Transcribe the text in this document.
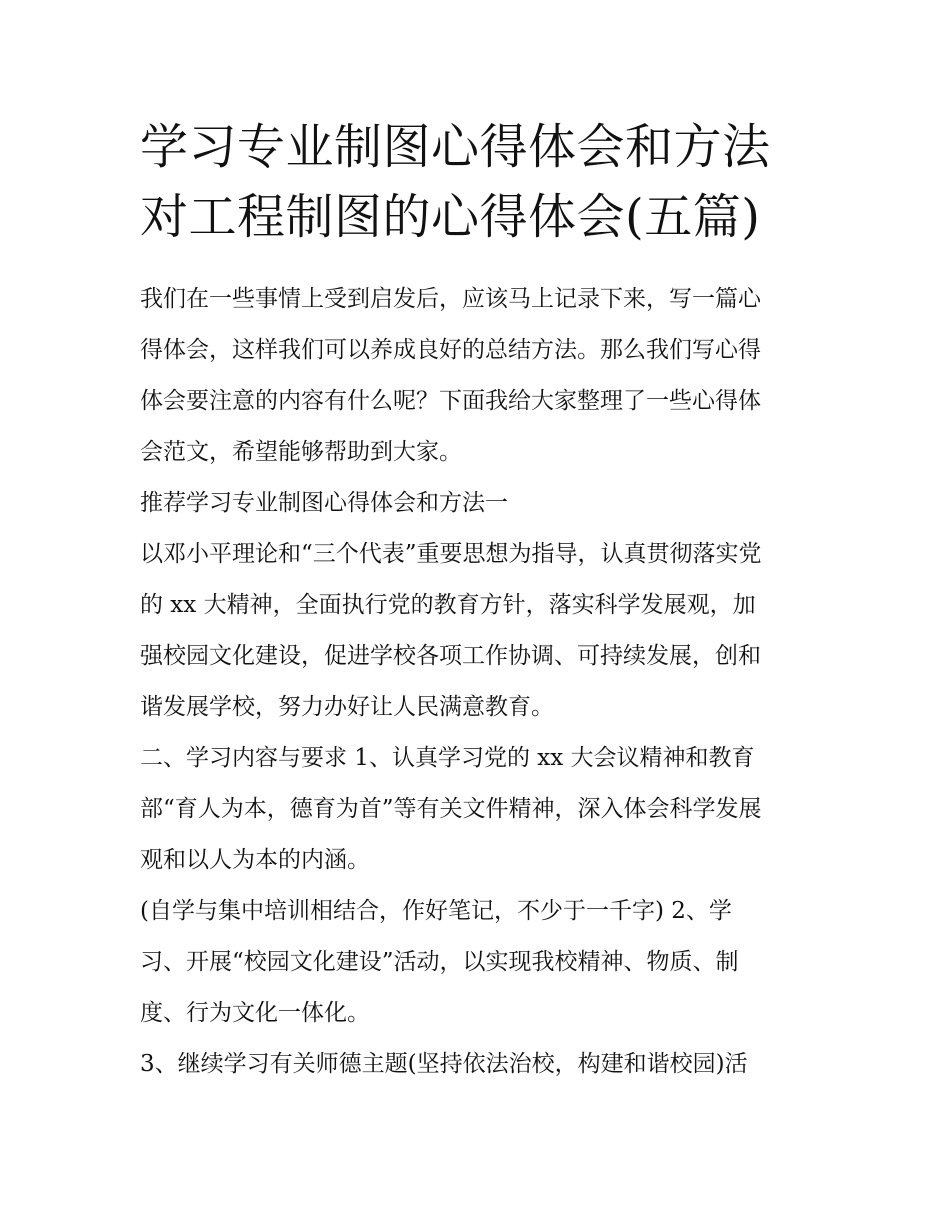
学习专业制图心得体会和方法
对工程制图的心得体会(五篇)

我们在一些事情上受到启发后，应该马上记录下来，写一篇心

得体会，这样我们可以养成良好的总结方法。那么我们写心得

体会要注意的内容有什么呢？下面我给大家整理了一些心得体

会范文，希望能够帮助到大家。

推荐学习专业制图心得体会和方法一

以邓小平理论和“三个代表”重要思想为指导，认真贯彻落实党

的 xx 大精神，全面执行党的教育方针，落实科学发展观，加

强校园文化建设，促进学校各项工作协调、可持续发展，创和

谐发展学校，努力办好让人民满意教育。

二、学习内容与要求 1、认真学习党的 xx 大会议精神和教育

部“育人为本，德育为首”等有关文件精神，深入体会科学发展

观和以人为本的内涵。

(自学与集中培训相结合，作好笔记，不少于一千字) 2、学

习、开展“校园文化建设”活动，以实现我校精神、物质、制

度、行为文化一体化。

3、继续学习有关师德主题(坚持依法治校，构建和谐校园)活
